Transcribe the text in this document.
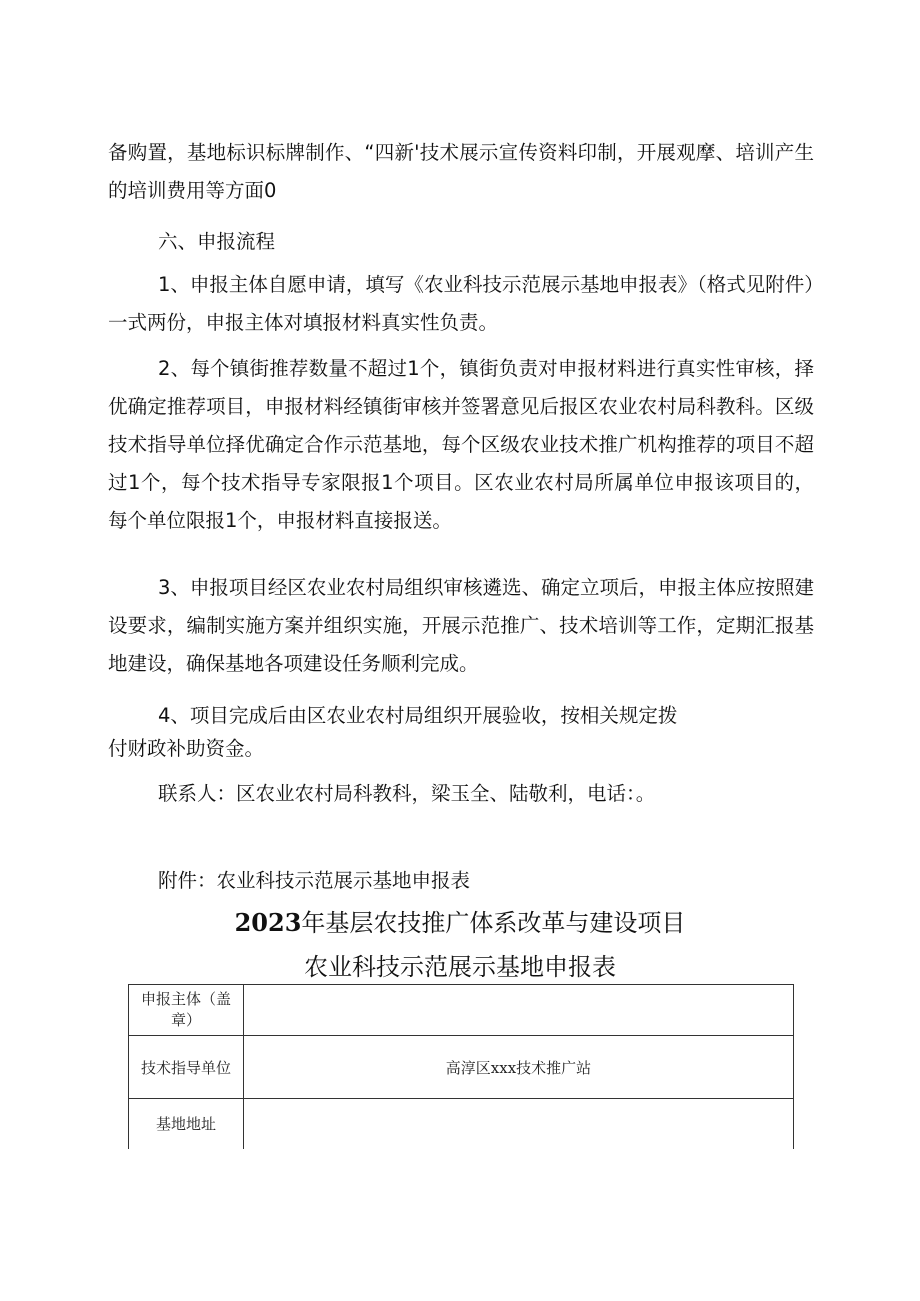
备购置，基地标识标牌制作、“四新'技术展示宣传资料印制，开展观摩、培训产生的培训费用等方面0

六、申报流程

1、申报主体自愿申请，填写《农业科技示范展示基地申报表》（格式见附件）一式两份，申报主体对填报材料真实性负责。

2、每个镇街推荐数量不超过1个，镇街负责对申报材料进行真实性审核，择优确定推荐项目，申报材料经镇街审核并签署意见后报区农业农村局科教科。区级技术指导单位择优确定合作示范基地，每个区级农业技术推广机构推荐的项目不超过1个，每个技术指导专家限报1个项目。区农业农村局所属单位申报该项目的，每个单位限报1个，申报材料直接报送。

3、申报项目经区农业农村局组织审核遴选、确定立项后，申报主体应按照建设要求，编制实施方案并组织实施，开展示范推广、技术培训等工作，定期汇报基地建设，确保基地各项建设任务顺利完成。

4、项目完成后由区农业农村局组织开展验收，按相关规定拨

付财政补助资金。

联系人：区农业农村局科教科，梁玉全、陆敬利，电话：。

附件：农业科技示范展示基地申报表

2023年基层农技推广体系改革与建设项目

农业科技示范展示基地申报表

申报主体（盖章）	
技术指导单位	高淳区xxx技术推广站
基地地址	
